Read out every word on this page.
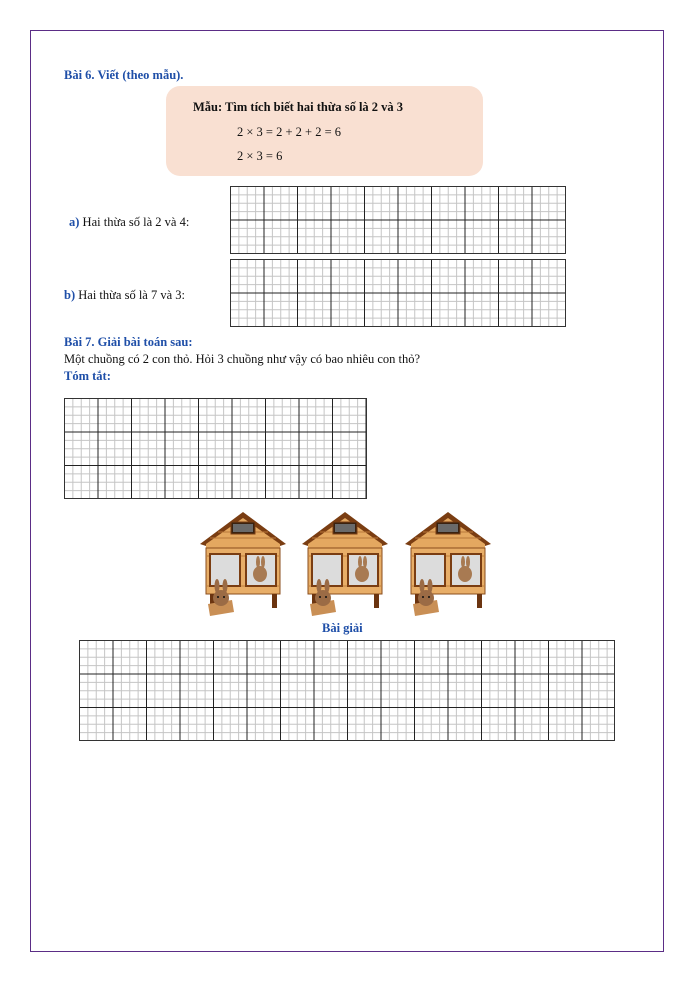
Bài 6. Viết (theo mẫu).
Mẫu: Tìm tích biết hai thừa số là 2 và 3
2 × 3 = 2 + 2 + 2 = 6
2 × 3 = 6
a) Hai thừa số là 2 và 4:
b) Hai thừa số là 7 và 3:
Bài 7. Giải bài toán sau:
Một chuồng có 2 con thỏ. Hỏi 3 chuồng như vậy có bao nhiêu con thỏ?
Tóm tắt:
Bài giải
